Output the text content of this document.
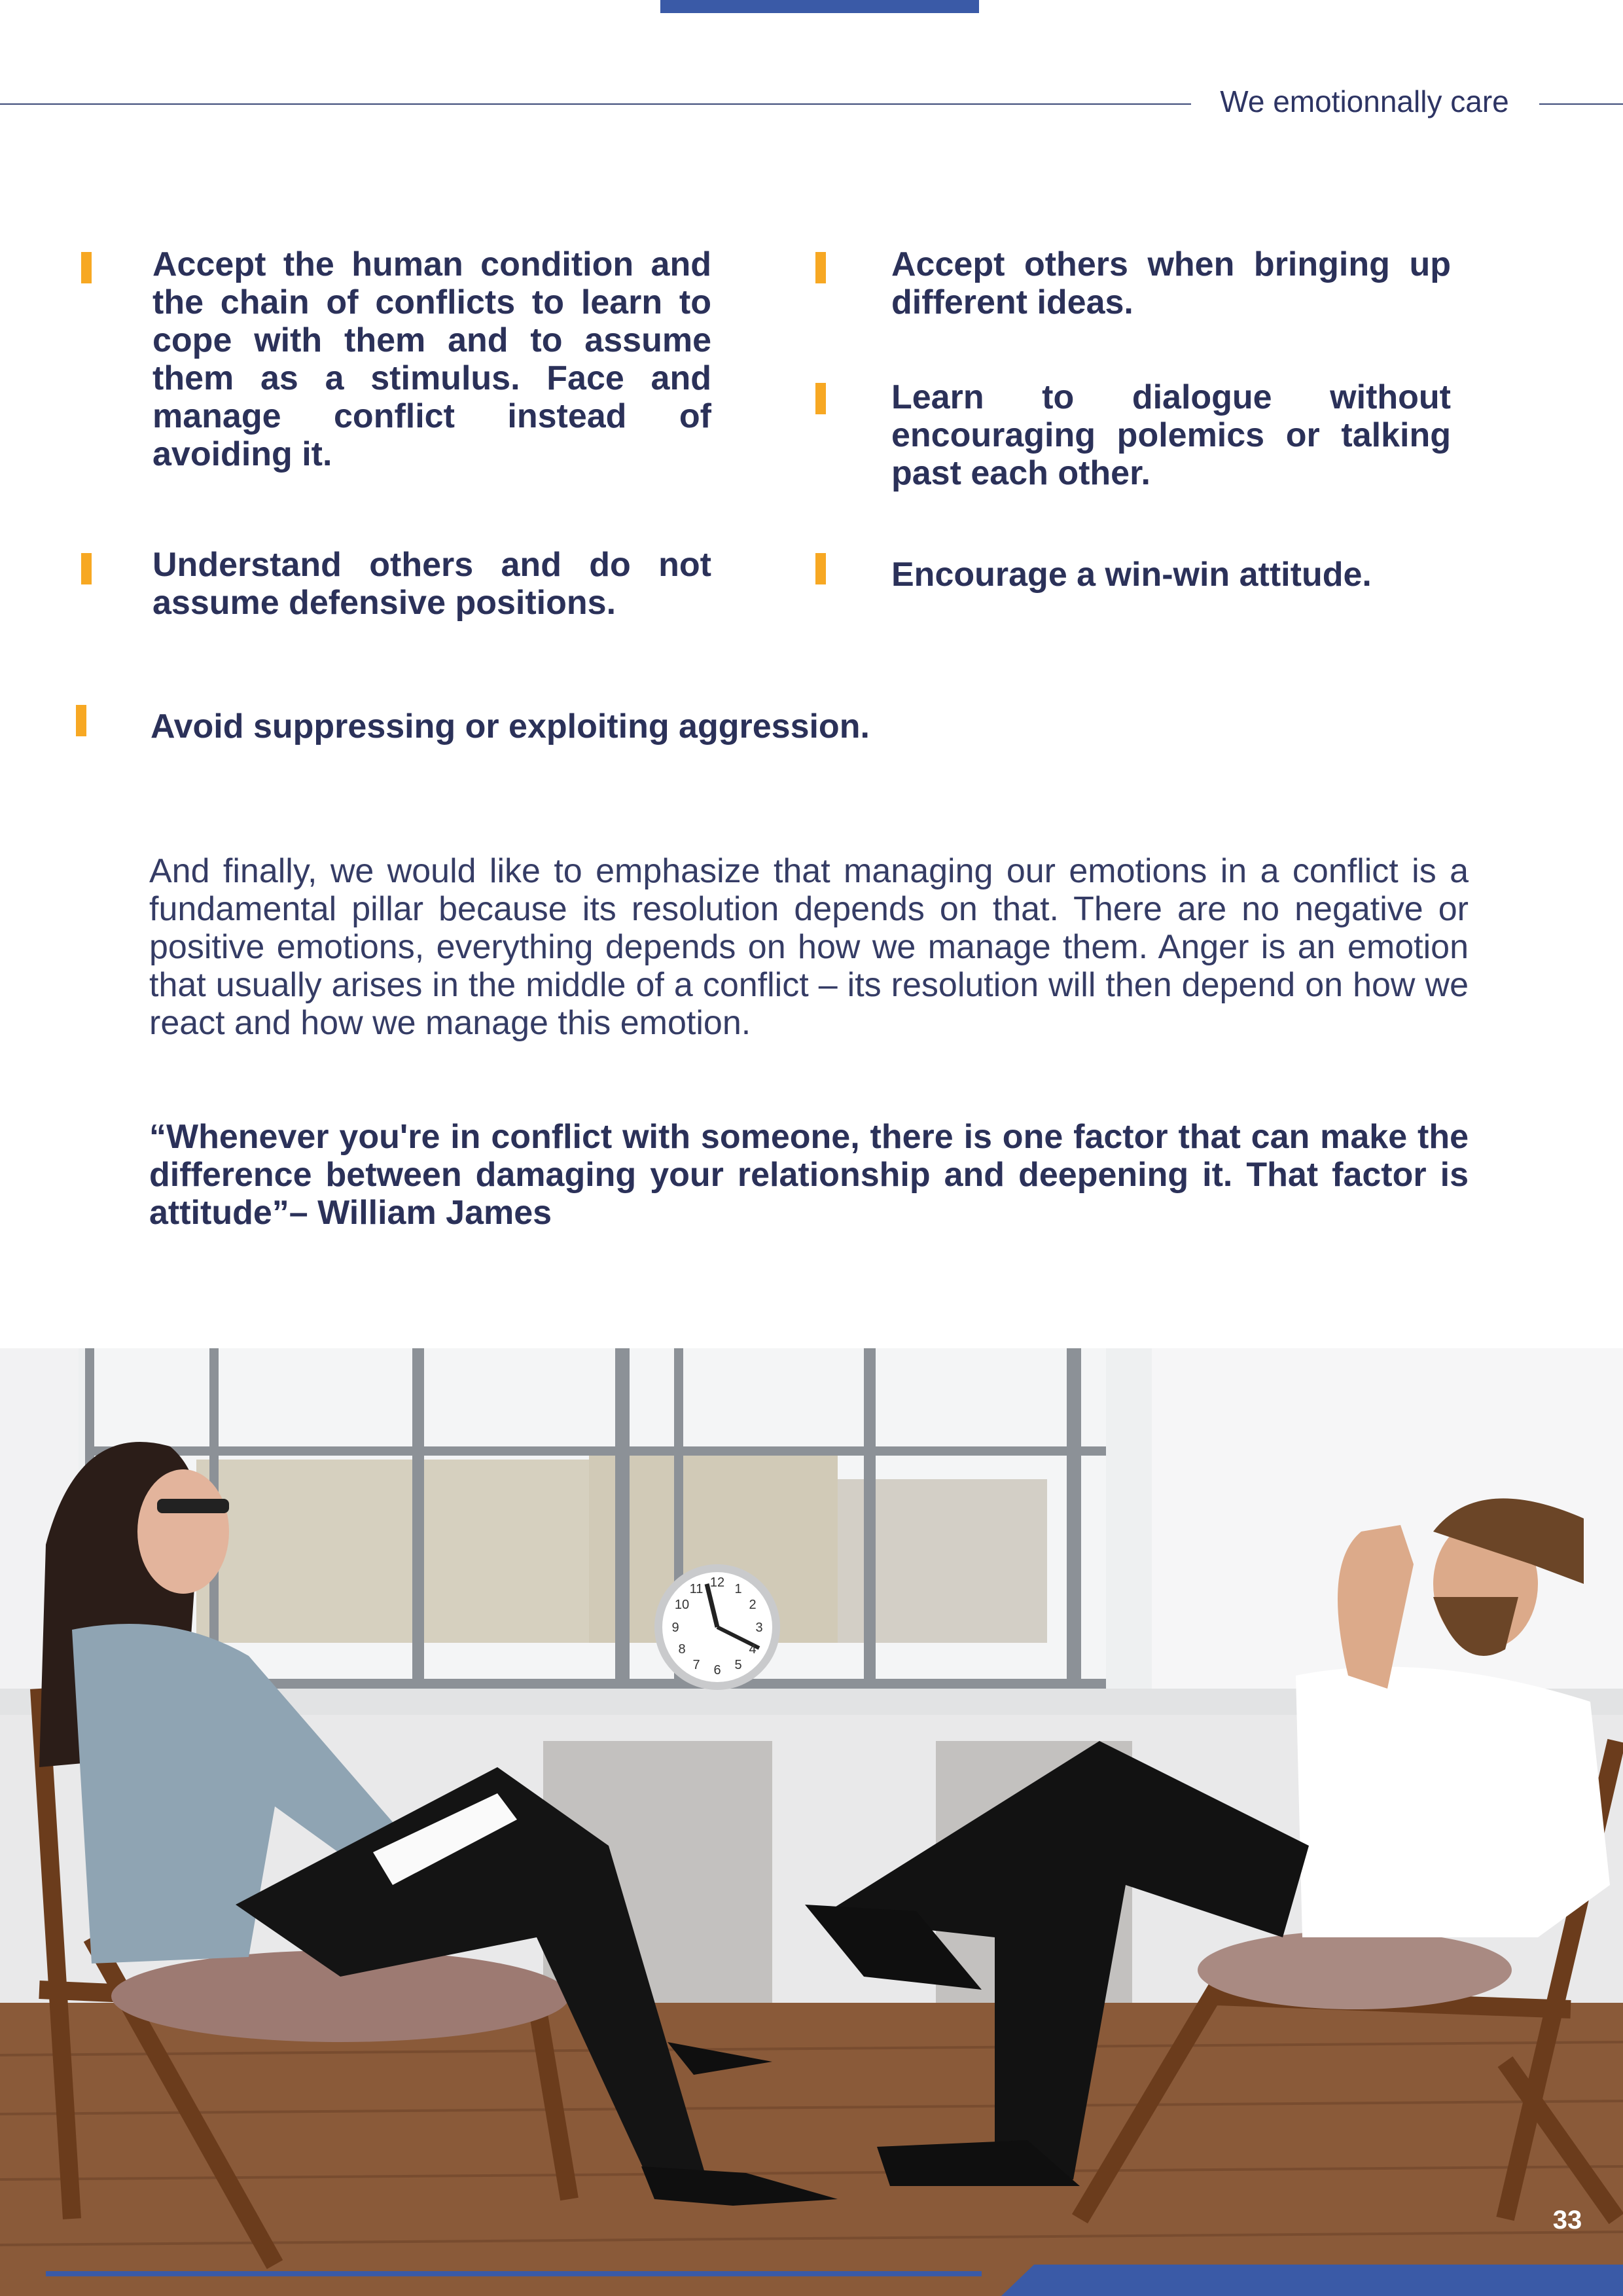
We emotionnally care
Accept the human condition and the chain of conflicts to learn to cope with them and to assume them as a stimulus. Face and manage conflict instead of avoiding it.
Accept others when bringing up different ideas.
Learn to dialogue without encouraging polemics or talking past each other.
Understand others and do not assume defensive positions.
Encourage a win-win attitude.
Avoid suppressing or exploiting aggression.
And finally, we would like to emphasize that managing our emotions in a conflict is a fundamental pillar because its resolution depends on that. There are no negative or positive emotions, everything depends on how we manage them. Anger is an emotion that usually arises in the middle of a conflict – its resolution will then depend on how we react and how we manage this emotion.
“Whenever you're in conflict with someone, there is one factor that can make the difference between damaging your relationship and deepening it. That factor is attitude”– William James
12 1
2
3
4
5
6
7
8
9
10
11
33
